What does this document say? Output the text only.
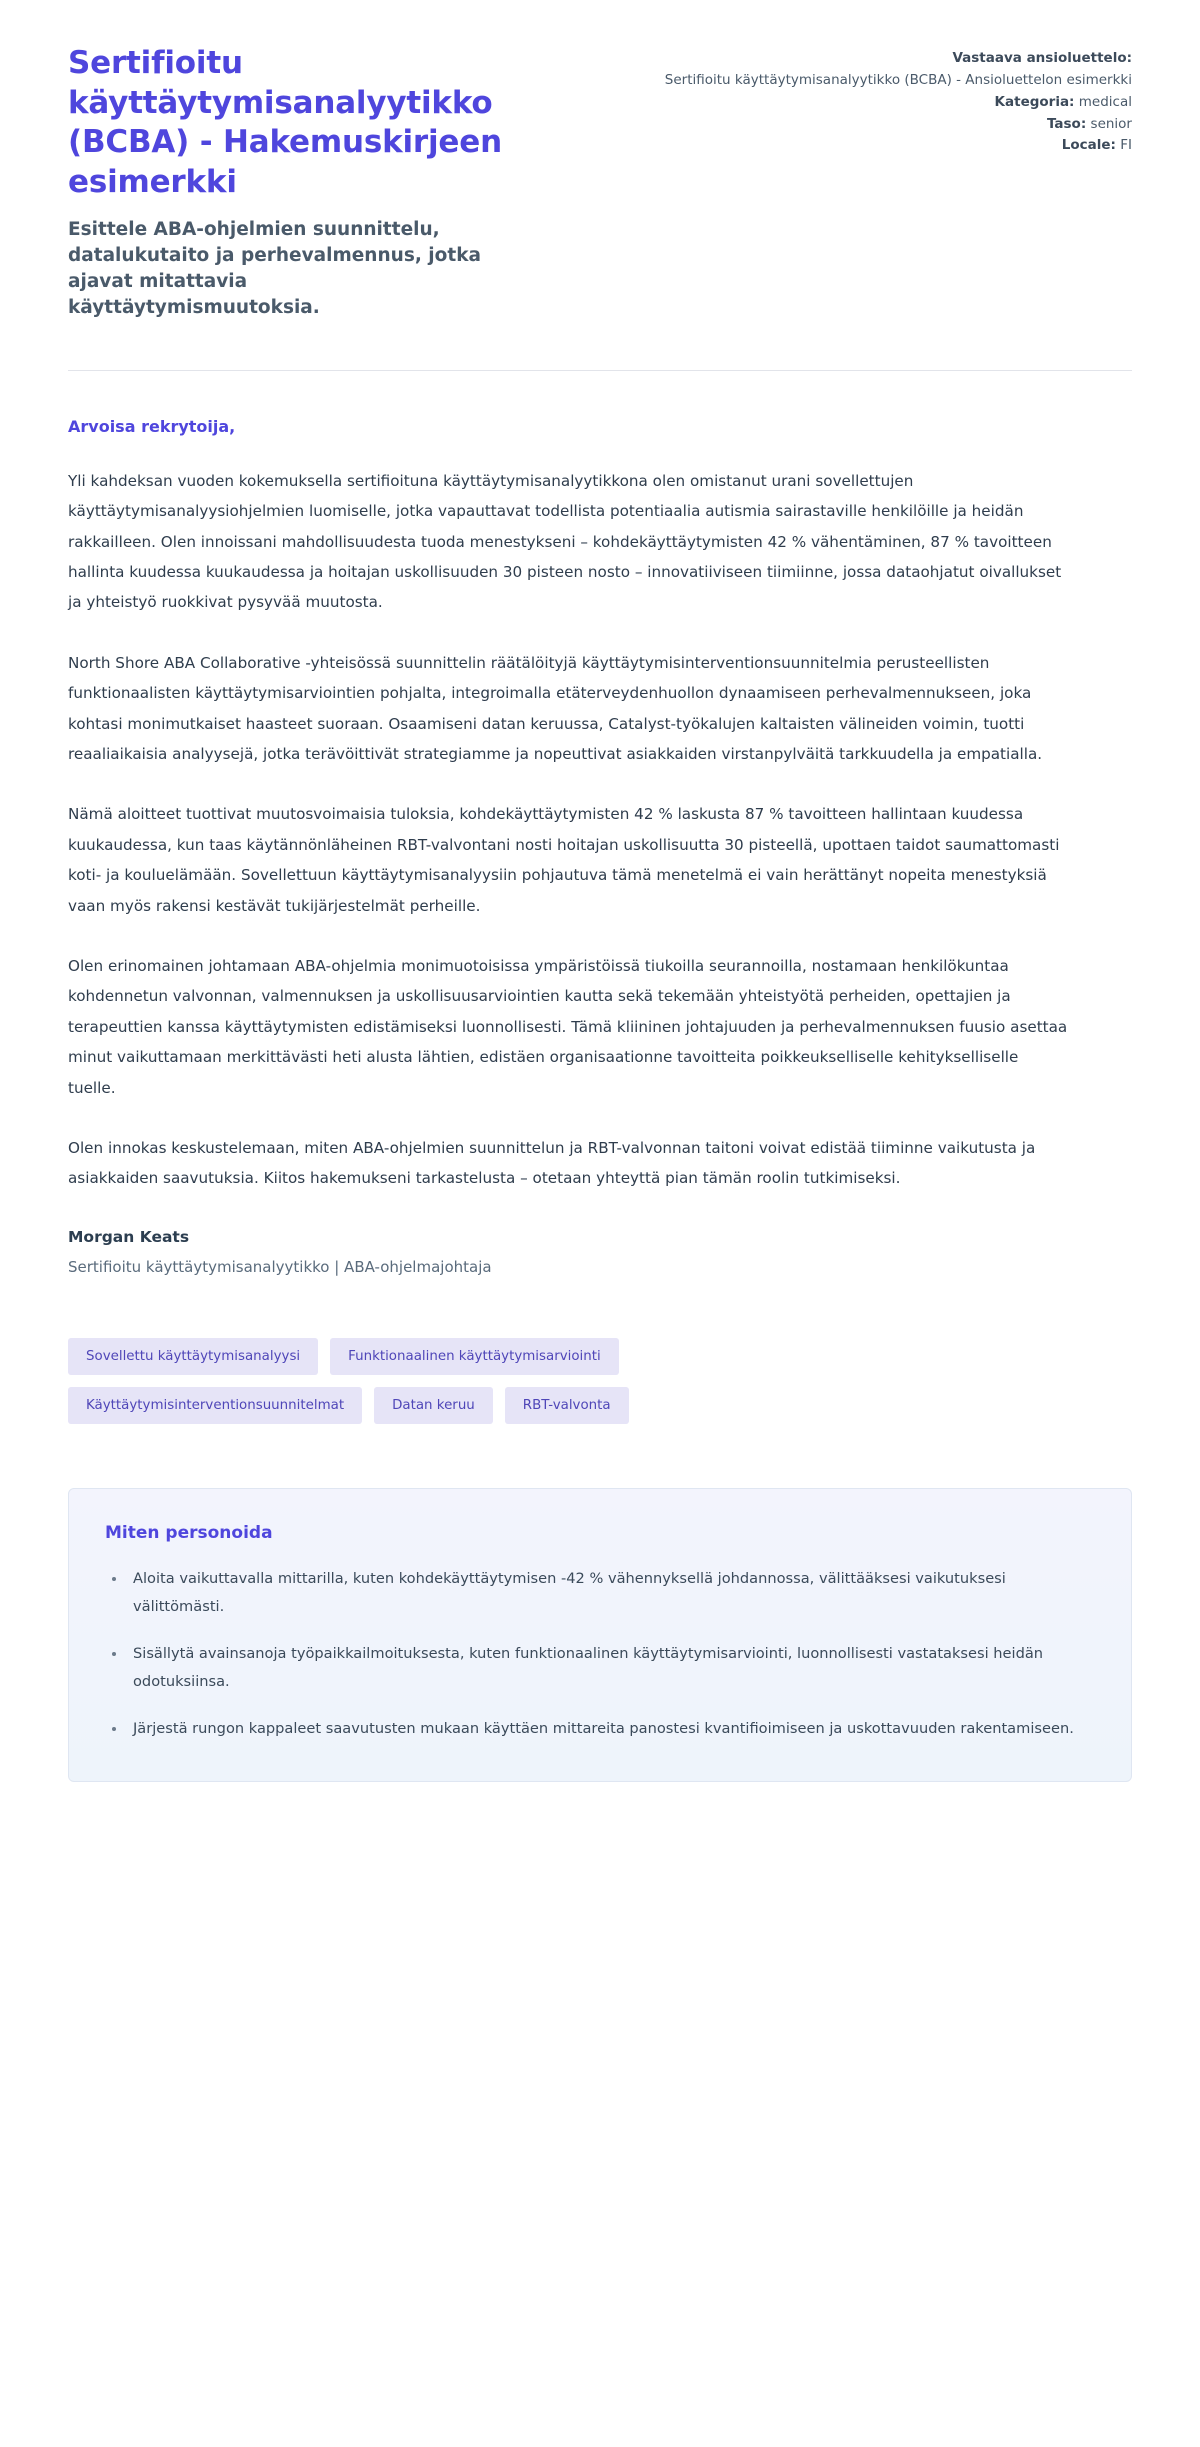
Sertifioitu käyttäytymisanalyytikko (BCBA) - Hakemuskirjeen esimerkki

Esittele ABA-ohjelmien suunnittelu, datalukutaito ja perhevalmennus, jotka ajavat mitattavia käyttäytymismuutoksia.

Vastaava ansioluettelo:
Sertifioitu käyttäytymisanalyytikko (BCBA) - Ansioluettelon esimerkki
Kategoria: medical
Taso: senior
Locale: FI

Arvoisa rekrytoija,

Yli kahdeksan vuoden kokemuksella sertifioituna käyttäytymisanalyytikkona olen omistanut urani sovellettujen käyttäytymisanalyysiohjelmien luomiselle, jotka vapauttavat todellista potentiaalia autismia sairastaville henkilöille ja heidän rakkailleen. Olen innoissani mahdollisuudesta tuoda menestykseni – kohdekäyttäytymisten 42 % vähentäminen, 87 % tavoitteen hallinta kuudessa kuukaudessa ja hoitajan uskollisuuden 30 pisteen nosto – innovatiiviseen tiimiinne, jossa dataohjatut oivallukset ja yhteistyö ruokkivat pysyvää muutosta.

North Shore ABA Collaborative -yhteisössä suunnittelin räätälöityjä käyttäytymisinterventionsuunnitelmia perusteellisten funktionaalisten käyttäytymisarviointien pohjalta, integroimalla etäterveydenhuollon dynaamiseen perhevalmennukseen, joka kohtasi monimutkaiset haasteet suoraan. Osaamiseni datan keruussa, Catalyst-työkalujen kaltaisten välineiden voimin, tuotti reaaliaikaisia analyysejä, jotka terävöittivät strategiamme ja nopeuttivat asiakkaiden virstanpylväitä tarkkuudella ja empatialla.

Nämä aloitteet tuottivat muutosvoimaisia tuloksia, kohdekäyttäytymisten 42 % laskusta 87 % tavoitteen hallintaan kuudessa kuukaudessa, kun taas käytännönläheinen RBT-valvontani nosti hoitajan uskollisuutta 30 pisteellä, upottaen taidot saumattomasti koti- ja kouluelämään. Sovellettuun käyttäytymisanalyysiin pohjautuva tämä menetelmä ei vain herättänyt nopeita menestyksiä vaan myös rakensi kestävät tukijärjestelmät perheille.

Olen erinomainen johtamaan ABA-ohjelmia monimuotoisissa ympäristöissä tiukoilla seurannoilla, nostamaan henkilökuntaa kohdennetun valvonnan, valmennuksen ja uskollisuusarviointien kautta sekä tekemään yhteistyötä perheiden, opettajien ja terapeuttien kanssa käyttäytymisten edistämiseksi luonnollisesti. Tämä kliininen johtajuuden ja perhevalmennuksen fuusio asettaa minut vaikuttamaan merkittävästi heti alusta lähtien, edistäen organisaationne tavoitteita poikkeukselliselle kehitykselliselle tuelle.

Olen innokas keskustelemaan, miten ABA-ohjelmien suunnittelun ja RBT-valvonnan taitoni voivat edistää tiiminne vaikutusta ja asiakkaiden saavutuksia. Kiitos hakemukseni tarkastelusta – otetaan yhteyttä pian tämän roolin tutkimiseksi.

Morgan Keats

Sertifioitu käyttäytymisanalyytikko | ABA-ohjelmajohtaja

Sovellettu käyttäytymisanalyysi	Funktionaalinen käyttäytymisarviointi
Käyttäytymisinterventionsuunnitelmat	Datan keruu	RBT-valvonta

Miten personoida

• Aloita vaikuttavalla mittarilla, kuten kohdekäyttäytymisen -42 % vähennyksellä johdannossa, välittääksesi vaikutuksesi välittömästi.
• Sisällytä avainsanoja työpaikkailmoituksesta, kuten funktionaalinen käyttäytymisarviointi, luonnollisesti vastataksesi heidän odotuksiinsa.
• Järjestä rungon kappaleet saavutusten mukaan käyttäen mittareita panostesi kvantifioimiseen ja uskottavuuden rakentamiseen.
